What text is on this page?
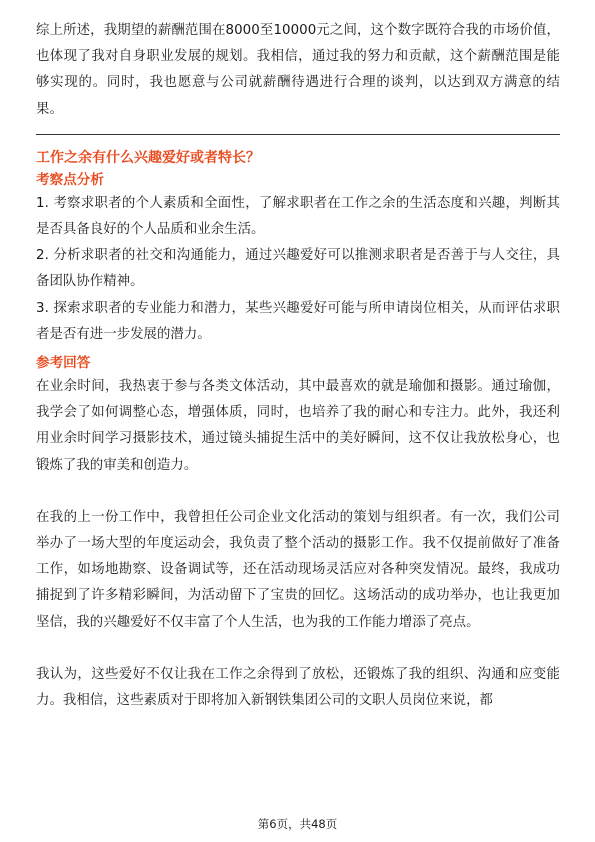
综上所述，我期望的薪酬范围在8000至10000元之间，这个数字既符合我的市场价值，也体现了我对自身职业发展的规划。我相信，通过我的努力和贡献，这个薪酬范围是能够实现的。同时，我也愿意与公司就薪酬待遇进行合理的谈判，以达到双方满意的结果。

工作之余有什么兴趣爱好或者特长？

考察点分析

1. 考察求职者的个人素质和全面性，了解求职者在工作之余的生活态度和兴趣，判断其是否具备良好的个人品质和业余生活。

2. 分析求职者的社交和沟通能力，通过兴趣爱好可以推测求职者是否善于与人交往，具备团队协作精神。

3. 探索求职者的专业能力和潜力，某些兴趣爱好可能与所申请岗位相关，从而评估求职者是否有进一步发展的潜力。

参考回答

在业余时间，我热衷于参与各类文体活动，其中最喜欢的就是瑜伽和摄影。通过瑜伽，我学会了如何调整心态，增强体质，同时，也培养了我的耐心和专注力。此外，我还利用业余时间学习摄影技术，通过镜头捕捉生活中的美好瞬间，这不仅让我放松身心，也锻炼了我的审美和创造力。

在我的上一份工作中，我曾担任公司企业文化活动的策划与组织者。有一次，我们公司举办了一场大型的年度运动会，我负责了整个活动的摄影工作。我不仅提前做好了准备工作，如场地勘察、设备调试等，还在活动现场灵活应对各种突发情况。最终，我成功捕捉到了许多精彩瞬间，为活动留下了宝贵的回忆。这场活动的成功举办，也让我更加坚信，我的兴趣爱好不仅丰富了个人生活，也为我的工作能力增添了亮点。

我认为，这些爱好不仅让我在工作之余得到了放松，还锻炼了我的组织、沟通和应变能力。我相信，这些素质对于即将加入新钢铁集团公司的文职人员岗位来说，都

第6页，共48页
